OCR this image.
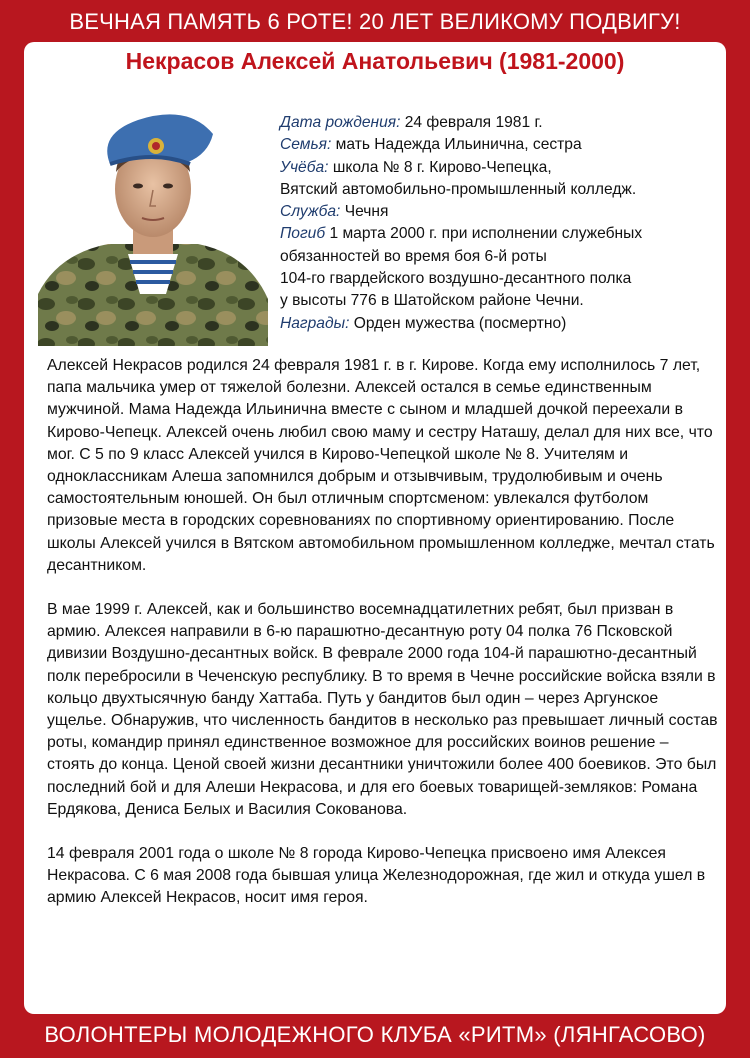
ВЕЧНАЯ ПАМЯТЬ 6 РОТЕ! 20 ЛЕТ ВЕЛИКОМУ ПОДВИГУ!
Некрасов Алексей Анатольевич (1981-2000)
Дата рождения: 24 февраля 1981 г.
Семья: мать Надежда Ильинична, сестра
Учёба: школа № 8 г. Кирово-Чепецка,
Вятский автомобильно-промышленный колледж.
Служба: Чечня
Погиб 1 марта 2000 г. при исполнении служебных
обязанностей во время боя 6-й роты
104-го гвардейского воздушно-десантного полка
у высоты 776 в Шатойском районе Чечни.
Награды: Орден мужества (посмертно)

Алексей Некрасов родился 24 февраля 1981 г. в г. Кирове. Когда ему исполнилось 7 лет, папа мальчика умер от тяжелой болезни. Алексей остался в семье единственным мужчиной. Мама Надежда Ильинична вместе с сыном и младшей дочкой переехали в Кирово-Чепецк. Алексей очень любил свою маму и сестру Наташу, делал для них все, что мог. С 5 по 9 класс Алексей учился в Кирово-Чепецкой школе № 8. Учителям и одноклассникам Алеша запомнился добрым и отзывчивым, трудолюбивым и очень самостоятельным юношей. Он был отличным спортсменом: увлекался футболом призовые места в городских соревнованиях по спортивному ориентированию. После школы Алексей учился в Вятском автомобильном промышленном колледже, мечтал стать десантником.

В мае 1999 г. Алексей, как и большинство восемнадцатилетних ребят, был призван в армию. Алексея направили в 6-ю парашютно-десантную роту 04 полка 76 Псковской дивизии Воздушно-десантных войск. В феврале 2000 года 104-й парашютно-десантный полк перебросили в Чеченскую республику. В то время в Чечне российские войска взяли в кольцо двухтысячную банду Хаттаба. Путь у бандитов был один – через Аргунское ущелье. Обнаружив, что численность бандитов в несколько раз превышает личный состав роты, командир принял единственное возможное для российских воинов решение – стоять до конца. Ценой своей жизни десантники уничтожили более 400 боевиков. Это был последний бой и для Алеши Некрасова, и для его боевых товарищей-земляков: Романа Ердякова, Дениса Белых и Василия Сокованова.

14 февраля 2001 года о школе № 8 города Кирово-Чепецка присвоено имя Алексея Некрасова. С 6 мая 2008 года бывшая улица Железнодорожная, где жил и откуда ушел в армию Алексей Некрасов, носит имя героя.

ВОЛОНТЕРЫ МОЛОДЕЖНОГО КЛУБА «РИТМ» (ЛЯНГАСОВО)
